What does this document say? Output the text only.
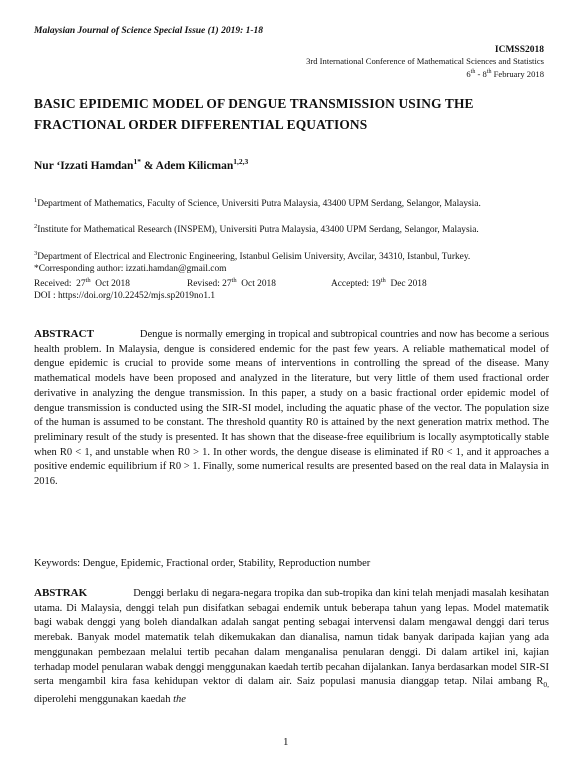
Malaysian Journal of Science Special Issue (1) 2019: 1-18
ICMSS2018
3rd International Conference of Mathematical Sciences and Statistics
6th - 8th February 2018
BASIC EPIDEMIC MODEL OF DENGUE TRANSMISSION USING THE
FRACTIONAL ORDER DIFFERENTIAL EQUATIONS
Nur ‘Izzati Hamdan$^{1*}$ & Adem Kilicman$^{1,2,3}$
$^1$Department of Mathematics, Faculty of Science, Universiti Putra Malaysia, 43400 UPM Serdang, Selangor, Malaysia.
$^2$Institute for Mathematical Research (INSPEM), Universiti Putra Malaysia, 43400 UPM Serdang, Selangor, Malaysia.
$^3$Department of Electrical and Electronic Engineering, Istanbul Gelisim University, Avcilar, 34310, Istanbul, Turkey.
*Corresponding author: izzati.hamdan@gmail.com
Received:  27th  Oct 2018	Revised: 27th  Oct 2018	Accepted: 19th  Dec 2018
DOI : https://doi.org/10.22452/mjs.sp2019no1.1
ABSTRACT	Dengue is normally emerging in tropical and subtropical countries and now has become a serious health problem. In Malaysia, dengue is considered endemic for the past few years. A reliable mathematical model of dengue epidemic is crucial to provide some means of interventions in controlling the spread of the disease. Many mathematical models have been proposed and analyzed in the literature, but very little of them used fractional order derivative in analyzing the dengue transmission. In this paper, a study on a basic fractional order epidemic model of dengue transmission is conducted using the SIR-SI model, including the aquatic phase of the vector. The population size of the human is assumed to be constant. The threshold quantity R0 is attained by the next generation matrix method. The preliminary result of the study is presented. It has shown that the disease-free equilibrium is locally asymptotically stable when R0 < 1, and unstable when R0 > 1. In other words, the dengue disease is eliminated if R0 < 1, and it approaches a positive endemic equilibrium if R0 > 1. Finally, some numerical results are presented based on the real data in Malaysia in 2016.
Keywords: Dengue, Epidemic, Fractional order, Stability, Reproduction number
ABSTRAK	Denggi berlaku di negara-negara tropika dan sub-tropika dan kini telah menjadi masalah kesihatan utama. Di Malaysia, denggi telah pun disifatkan sebagai endemik untuk beberapa tahun yang lepas. Model matematik bagi wabak denggi yang boleh diandalkan adalah sangat penting sebagai intervensi dalam mengawal denggi dari terus merebak. Banyak model matematik telah dikemukakan dan dianalisa, namun tidak banyak daripada kajian yang ada menggunakan pembezaan melalui tertib pecahan dalam menganalisa penularan denggi. Di dalam artikel ini, kajian terhadap model penularan wabak denggi menggunakan kaedah tertib pecahan dijalankan. Ianya berdasarkan model SIR-SI serta mengambil kira fasa kehidupan vektor di dalam air. Saiz populasi manusia dianggap tetap. Nilai ambang $R_{0,}$ diperolehi menggunakan kaedah the
1
